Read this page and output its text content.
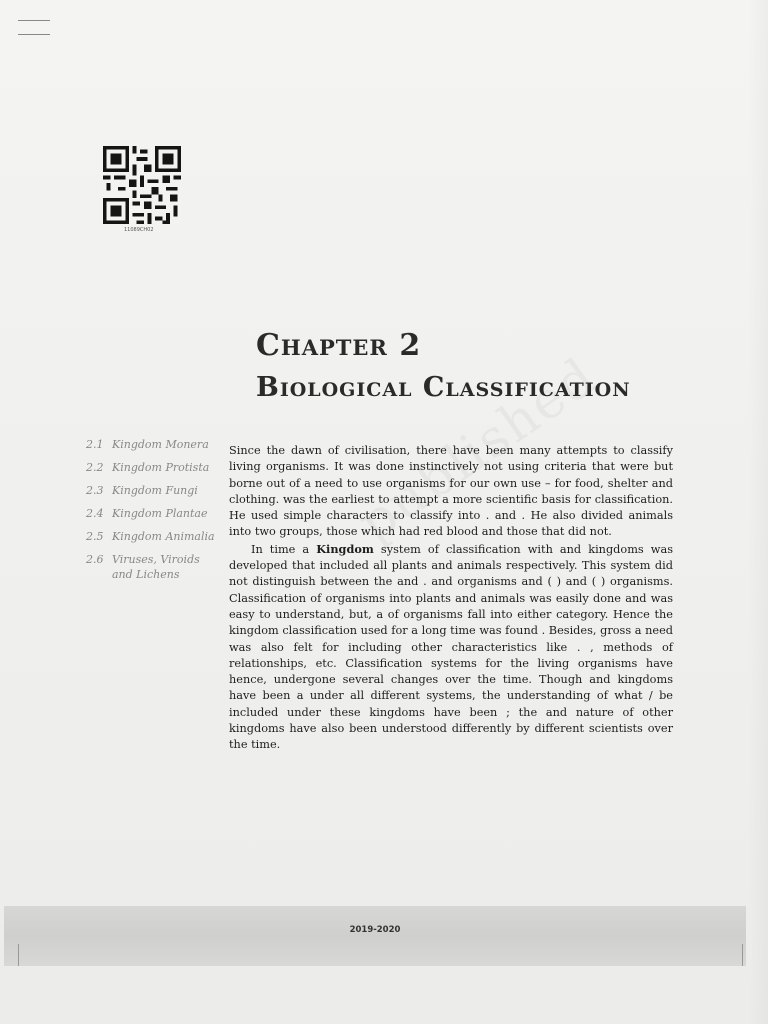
11089CH02
Chapter 2
Biological Classification
2.1 Kingdom Monera
2.2 Kingdom Protista
2.3 Kingdom Fungi
2.4 Kingdom Plantae
2.5 Kingdom Animalia
2.6 Viruses, Viroids and Lichens

Since the dawn of civilisation, there have been many attempts to classify living organisms. It was done instinctively not using criteria that were but borne out of a need to use organisms for our own use – for food, shelter and clothing. was the earliest to attempt a more scientific basis for classification. He used simple characters to classify into . and . He also divided animals into two groups, those which had red blood and those that did not.

In time a Kingdom system of classification with and kingdoms was developed that included all plants and animals respectively. This system did not distinguish between the and . and organisms and ( ) and ( ) organisms. Classification of organisms into plants and animals was easily done and was easy to understand, but, a of organisms fall into either category. Hence the kingdom classification used for a long time was found . Besides, gross a need was also felt for including other characteristics like . , methods of relationships, etc. Classification systems for the living organisms have hence, undergone several changes over the time. Though and kingdoms have been a under all different systems, the understanding of what / be included under these kingdoms have been ; the and nature of other kingdoms have also been understood differently by different scientists over the time.

2019-2020
